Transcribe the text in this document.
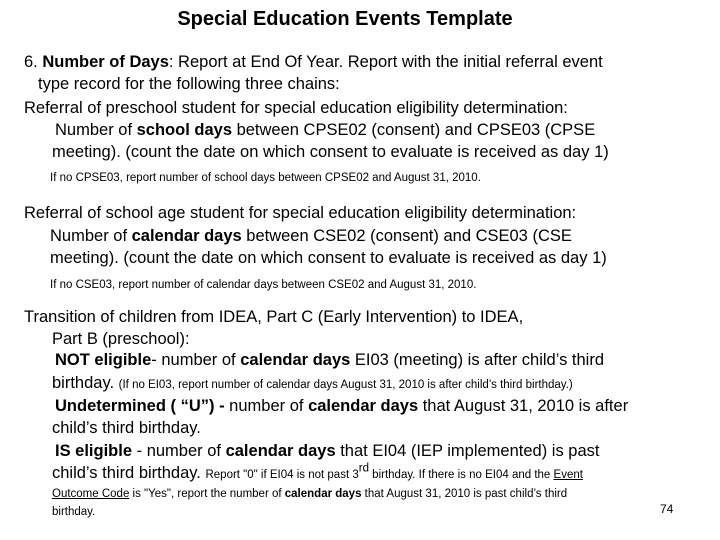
Special Education Events Template
6. Number of Days: Report at End Of Year. Report with the initial referral event
type record for the following three chains:
Referral of preschool student for special education eligibility determination:
Number of school days between CPSE02 (consent) and CPSE03 (CPSE
meeting). (count the date on which consent to evaluate is received as day 1)
If no CPSE03, report number of school days between CPSE02 and August 31, 2010.
Referral of school age student for special education eligibility determination:
Number of calendar days between CSE02 (consent) and CSE03 (CSE
meeting). (count the date on which consent to evaluate is received as day 1)
If no CSE03, report number of calendar days between CSE02 and August 31, 2010.
Transition of children from IDEA, Part C (Early Intervention) to IDEA,
Part B (preschool):
NOT eligible- number of calendar days EI03 (meeting) is after child’s third
birthday. (If no EI03, report number of calendar days August 31, 2010 is after child’s third birthday.)
Undetermined ( “U”) - number of calendar days that August 31, 2010 is after
child’s third birthday.
IS eligible - number of calendar days that EI04 (IEP implemented) is past
child’s third birthday. Report "0" if EI04 is not past 3rd birthday. If there is no EI04 and the Event
Outcome Code is "Yes", report the number of calendar days that August 31, 2010 is past child’s third
birthday.	74
